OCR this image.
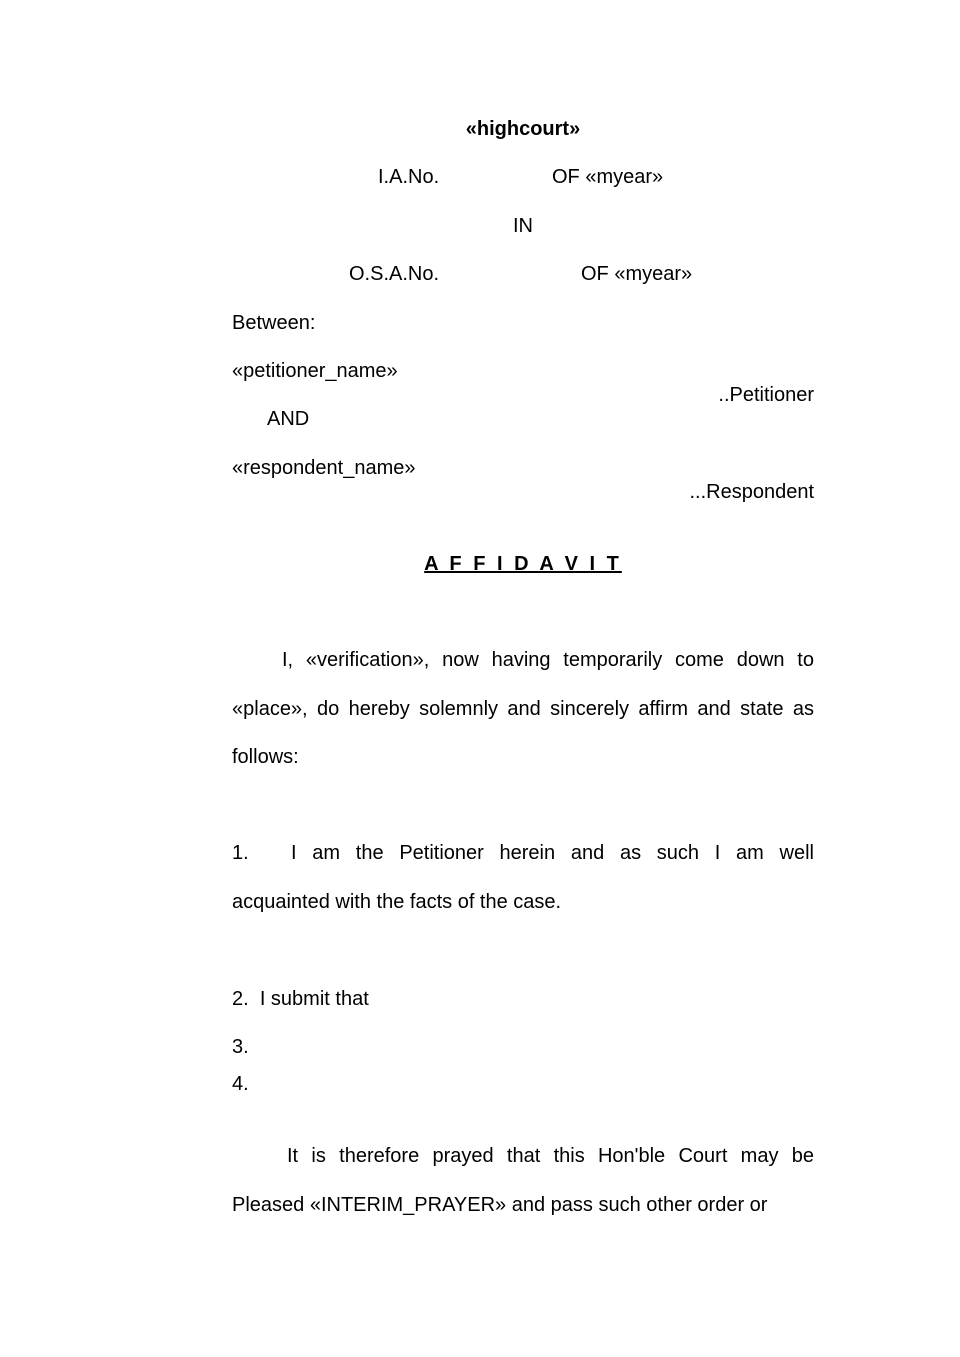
«highcourt»
I.A.No.	OF «myear»
IN
O.S.A.No.	OF «myear»
Between:
«petitioner_name»
..Petitioner
AND
«respondent_name»
...Respondent
A F F I D A V I T
I, «verification», now having temporarily come down to «place», do hereby solemnly and sincerely affirm and state as follows:
1. I am the Petitioner herein and as such I am well acquainted with the facts of the case.
2. I submit that
3.
4.
It is therefore prayed that this Hon'ble Court may be Pleased «INTERIM_PRAYER» and pass such other order or
